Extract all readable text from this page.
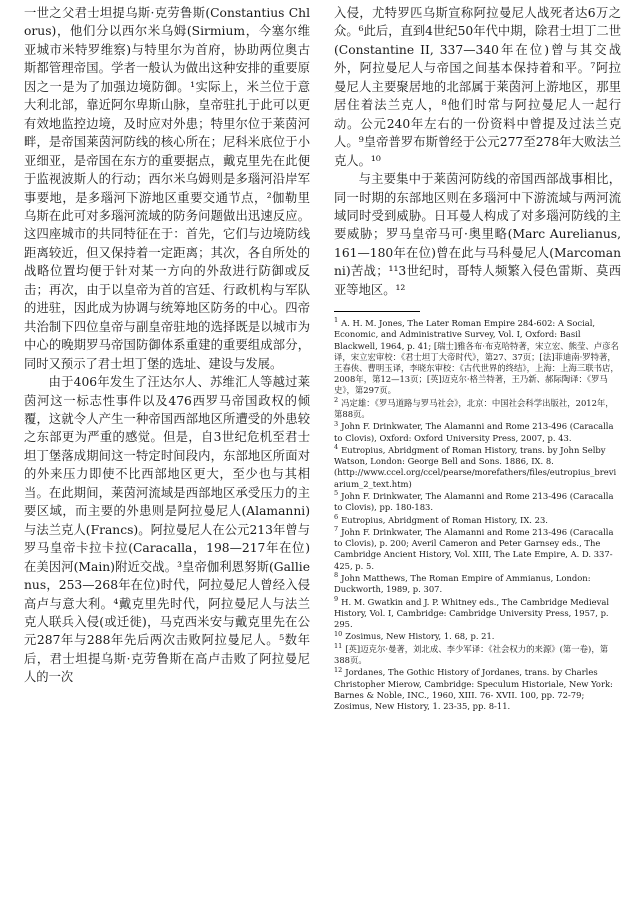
一世之父君士坦提乌斯·克劳鲁斯(Constantius Chlorus)，他们分以西尔米乌姆(Sirmium，今塞尔维亚城市米特罗维察)与特里尔为首府，协助两位奥古斯都管理帝国。学者一般认为做出这种安排的重要原因之一是为了加强边境防御。¹实际上，米兰位于意大利北部，靠近阿尔卑斯山脉，皇帝驻扎于此可以更有效地监控边境，及时应对外患；特里尔位于莱茵河畔，是帝国莱茵河防线的核心所在；尼科米底位于小亚细亚，是帝国在东方的重要据点，戴克里先在此便于监视波斯人的行动；西尔米乌姆则是多瑙河沿岸军事要地，是多瑙河下游地区重要交通节点，²伽勒里乌斯在此可对多瑙河流域的防务问题做出迅速反应。这四座城市的共同特征在于：首先，它们与边境防线距离较近，但又保持着一定距离；其次，各自所处的战略位置均便于针对某一方向的外敌进行防御或反击；再次，由于以皇帝为首的宫廷、行政机构与军队的进驻，因此成为协调与统筹地区防务的中心。四帝共治制下四位皇帝与副皇帝驻地的选择既是以城市为中心的晚期罗马帝国防御体系重建的重要组成部分，同时又预示了君士坦丁堡的选址、建设与发展。

由于406年发生了汪达尔人、苏维汇人等越过莱茵河这一标志性事件以及476西罗马帝国政权的倾覆，这就令人产生一种帝国西部地区所遭受的外患较之东部更为严重的感觉。但是，自3世纪危机至君士坦丁堡落成期间这一特定时间段内，东部地区所面对的外来压力即使不比西部地区更大，至少也与其相当。在此期间，莱茵河流域是西部地区承受压力的主要区域，而主要的外患则是阿拉曼尼人(Alamanni)与法兰克人(Francs)。阿拉曼尼人在公元213年曾与罗马皇帝卡拉卡拉(Caracalla，198—217年在位)在美因河(Main)附近交战。³皇帝伽利恩努斯(Gallienus，253—268年在位)时代，阿拉曼尼人曾经入侵高卢与意大利。⁴戴克里先时代，阿拉曼尼人与法兰克人联兵入侵(或迁徙)，马克西米安与戴克里先在公元287年与288年先后两次击败阿拉曼尼人。⁵数年后，君士坦提乌斯·克劳鲁斯在高卢击败了阿拉曼尼人的一次

入侵，尤特罗匹乌斯宣称阿拉曼尼人战死者达6万之众。⁶此后，直到4世纪50年代中期，除君士坦丁二世(Constantine II, 337—340年在位)曾与其交战外，阿拉曼尼人与帝国之间基本保持着和平。⁷阿拉曼尼人主要聚居地的北部属于莱茵河上游地区，那里居住着法兰克人，⁸他们时常与阿拉曼尼人一起行动。公元240年左右的一份资料中曾提及过法兰克人。⁹皇帝普罗布斯曾经于公元277至278年大败法兰克人。¹⁰

与主要集中于莱茵河防线的帝国西部战事相比，同一时期的东部地区则在多瑙河中下游流域与两河流域同时受到威胁。日耳曼人构成了对多瑙河防线的主要威胁；罗马皇帝马可·奥里略(Marc Aurelianus, 161—180年在位)曾在此与马科曼尼人(Marcomanni)苦战；¹¹3世纪时，哥特人频繁入侵色雷斯、莫西亚等地区。¹²

$^1$ A. H. M. Jones, The Later Roman Empire 284-602: A Social, Economic, and Administrative Survey, Vol. I, Oxford: Basil Blackwell, 1964, p. 41; [瑞士]雅各布·布克哈特著，宋立宏、熊莹、卢彦名译，宋立宏审校：《君士坦丁大帝时代》，第27、37页；[法]菲迪南·罗特著，王春侠、曹明玉译，李晓东审校：《古代世界的终结》，上海：上海三联书店，2008年，第12—13页；[英]迈克尔·格兰特著，王乃新、郝际陶译：《罗马史》，第297页。

$^2$ 冯定雄：《罗马道路与罗马社会》，北京：中国社会科学出版社，2012年，第88页。

$^3$ John F. Drinkwater, The Alamanni and Rome 213-496 (Caracalla to Clovis), Oxford: Oxford University Press, 2007, p. 43.

$^4$ Eutropius, Abridgment of Roman History, trans. by John Selby Watson, London: George Bell and Sons. 1886, IX. 8. (http://www.ccel.org/ccel/pearse/morefathers/files/eutropius_breviarium_2_text.htm)

$^5$ John F. Drinkwater, The Alamanni and Rome 213-496 (Caracalla to Clovis), pp. 180-183.

$^6$ Eutropius, Abridgment of Roman History, IX. 23.

$^7$ John F. Drinkwater, The Alamanni and Rome 213-496 (Caracalla to Clovis), p. 200; Averil Cameron and Peter Garnsey eds., The Cambridge Ancient History, Vol. XIII, The Late Empire, A. D. 337-425, p. 5.

$^8$ John Matthews, The Roman Empire of Ammianus, London: Duckworth, 1989, p. 307.

$^9$ H. M. Gwatkin and J. P. Whitney eds., The Cambridge Medieval History, Vol. I, Cambridge: Cambridge University Press, 1957, p. 295.

$^{10}$ Zosimus, New History, 1. 68, p. 21.

$^{11}$ [英]迈克尔·曼著，刘北成、李少军译：《社会权力的来源》(第一卷)，第388页。

$^{12}$ Jordanes, The Gothic History of Jordanes, trans. by Charles Christopher Mierow, Cambridge: Speculum Historiale, New York: Barnes & Noble, INC., 1960, XIII. 76- XVII. 100, pp. 72-79; Zosimus, New History, 1. 23-35, pp. 8-11.
